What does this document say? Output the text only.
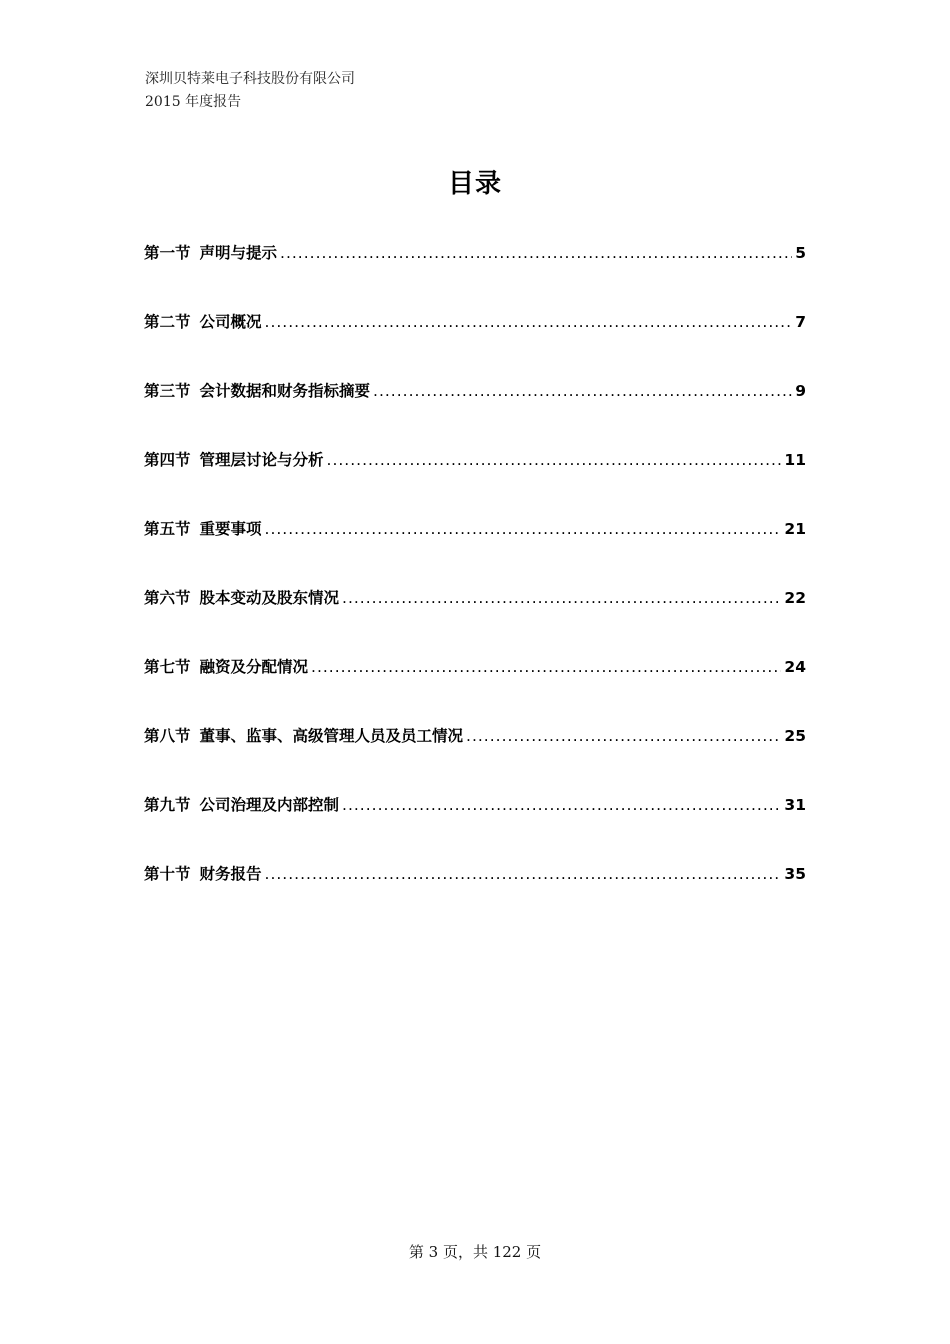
深圳贝特莱电子科技股份有限公司
2015 年度报告
目录
第一节 声明与提示 .....	5
第二节 公司概况 .....	7
第三节 会计数据和财务指标摘要 .....	9
第四节 管理层讨论与分析 .....	11
第五节 重要事项 .....	21
第六节 股本变动及股东情况 .....	22
第七节 融资及分配情况 .....	24
第八节 董事、监事、高级管理人员及员工情况 .....	25
第九节 公司治理及内部控制 .....	31
第十节 财务报告 .....	35
第 3 页，共 122 页
